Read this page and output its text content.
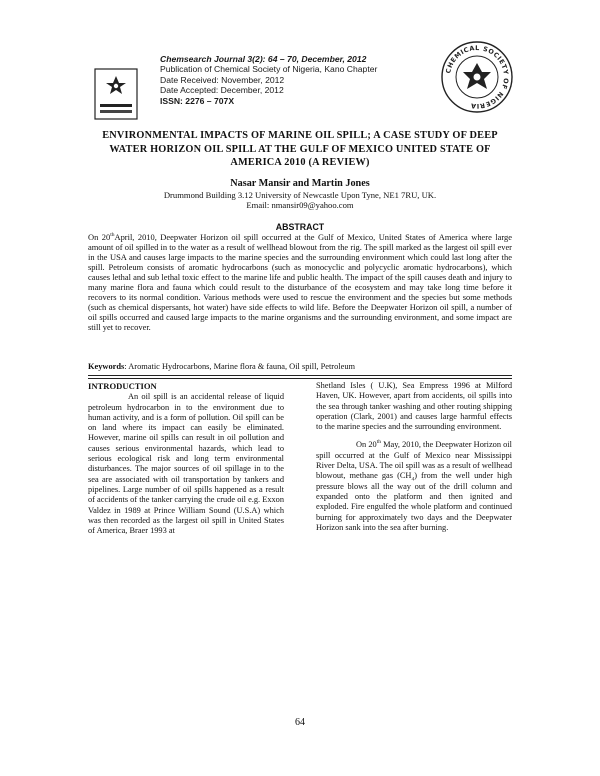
Chemsearch Journal 3(2): 64 – 70, December, 2012
Publication of Chemical Society of Nigeria, Kano Chapter
Date Received: November, 2012
Date Accepted: December, 2012
ISSN: 2276 – 707X
CHEMICAL SOCIETY OF NIGERIA
ENVIRONMENTAL IMPACTS OF MARINE OIL SPILL; A CASE STUDY OF DEEP WATER HORIZON OIL SPILL AT THE GULF OF MEXICO UNITED STATE OF AMERICA 2010 (A REVIEW)
Nasar Mansir and Martin Jones
Drummond Building 3.12 University of Newcastle Upon Tyne, NE1 7RU, UK.
Email: nmansir09@yahoo.com
ABSTRACT
On 20thApril, 2010, Deepwater Horizon oil spill occurred at the Gulf of Mexico, United States of America where large amount of oil spilled in to the water as a result of wellhead blowout from the rig. The spill marked as the largest oil spill ever in the USA and causes large impacts to the marine species and the surrounding environment which could last long after the spill. Petroleum consists of aromatic hydrocarbons (such as monocyclic and polycyclic aromatic hydrocarbons), which causes lethal and sub lethal toxic effect to the marine life and public health. The impact of the spill causes death and injury to many marine flora and fauna which could result to the disturbance of the ecosystem and may take long time before it recovers to its normal condition. Various methods were used to rescue the environment and the species but some methods (such as chemical dispersants, hot water) have side effects to wild life. Before the Deepwater Horizon oil spill, a number of oil spills occurred and caused large impacts to the marine organisms and the surrounding environment, and some impact are still yet to recover.
Keywords: Aromatic Hydrocarbons, Marine flora & fauna, Oil spill, Petroleum
INTRODUCTION
An oil spill is an accidental release of liquid petroleum hydrocarbon in to the environment due to human activity, and is a form of pollution. Oil spill can be on land where its impact can easily be eliminated. However, marine oil spills can result in oil pollution and causes serious environmental hazards, which lead to serious ecological risk and long term environmental disturbances. The major sources of oil spillage in to the sea are associated with oil transportation by tankers and pipelines. Large number of oil spills happened as a result of accidents of the tanker carrying the crude oil e.g. Exxon Valdez in 1989 at Prince William Sound (U.S.A) which was then recorded as the largest oil spill in United States of America, Braer 1993 at
Shetland Isles ( U.K), Sea Empress 1996 at Milford Haven, UK. However, apart from accidents, oil spills into the sea through tanker washing and other routing shipping operation (Clark, 2001) and causes large harmful effects to the marine species and the surrounding environment.
On 20th May, 2010, the Deepwater Horizon oil spill occurred at the Gulf of Mexico near Mississippi River Delta, USA. The oil spill was as a result of wellhead blowout, methane gas $(CH_4)$ from the well under high pressure blows all the way out of the drill column and expanded onto the platform and then ignited and exploded. Fire engulfed the whole platform and continued burning for approximately two days and the Deepwater Horizon sank into the sea after burning.
64
